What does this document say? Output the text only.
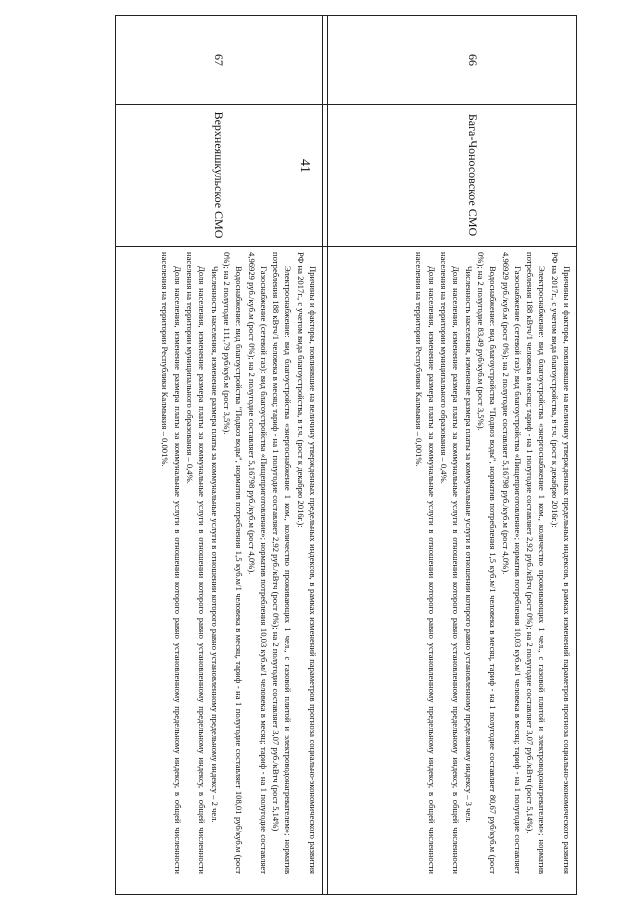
41
66
Бага-Чоносовское СМО

Причины и факторы, повлиявшие на величину утвержденных предельных индексов, в рамках изменений параметров прогноза социально-экономического развития РФ на 2017г., с учетом вида благоустройства, в т.ч. (рост к декабрю 2016г.):

Электроснабжение: вид благоустройства «энергоснабжение 1 ком., количество проживающих 1 чел., с газовой плитой и электроводонагревателем»; норматив потребления 188 кВтч/1 человека в месяц; тариф - на 1 полугодие составляет 2,92 руб./кВтч (рост 0%); на 2 полугодие составляет 3,07 руб./кВтч (рост 5,14%).

Газоснабжение (сетевой газ): вид благоустройства «Пищеприготовление»; норматив потребления 10,03 куб.м/1 человека в месяц; тариф - на 1 полугодие составляет 4,96929 руб./куб.м (рост 0%); на 2 полугодие составляет 5,16798 руб./куб.м (рост 4,0%).

Водоснабжение: вид благоустройства "Подвоз воды", норматив потребления 1,5 куб.м/1 человека в месяц, тариф - на 1 полугодие составляет 80,67 руб/куб.м (рост 0%); на 2 полугодие 83,49 руб/куб.м (рост 3,5%).

Численность населения, изменение размера платы за коммунальные услуги в отношении которого равно установленному предельному индексу – 3 чел.

Доля населения, изменение размера платы за коммунальные услуги в отношении которого равно установленному предельному индексу, в общей численности населения на территории муниципального образования – 0,4%.

Доля населения, изменение размера платы за коммунальные услуги в отношении которого равно установленному предельному индексу, в общей численности населения на территории Республики Калмыкия – 0,001%.

67
Верхнеяшкульское СМО

Причины и факторы, повлиявшие на величину утвержденных предельных индексов, в рамках изменений параметров прогноза социально-экономического развития РФ на 2017г., с учетом вида благоустройства, в т.ч. (рост к декабрю 2016г.):

Электроснабжение: вид благоустройства «энергоснабжение 1 ком., количество проживающих 1 чел., с газовой плитой и электроводонагревателем»; норматив потребления 188 кВтч/1 человека в месяц; тариф - на 1 полугодие составляет 2,92 руб./кВтч (рост 0%); на 2 полугодие составляет 3,07 руб./кВтч (рост 5,14%)

Газоснабжение (сетевой газ): вид благоустройства «Пищеприготовление»; норматив потребления 10,03 куб.м/1 человека в месяц; тариф - на 1 полугодие составляет 4,96929 руб./куб.м (рост 0%); на 2 полугодие составляет 5,16798 руб./куб.м (рост 4,0%).

Водоснабжение: вид благоустройства "Подвоз воды", норматив потребления 1,5 куб.м/1 человека в месяц, тариф - на 1 полугодие составляет 108,01 руб/куб.м (рост 0%); на 2 полугодие 111,79 руб/куб.м (рост 3,5%).

Численность населения, изменение размера платы за коммунальные услуги в отношении которого равно установленному предельному индексу – 2 чел.

Доля населения, изменение размера платы за коммунальные услуги в отношении которого равно установленному предельному индексу, в общей численности населения на территории муниципального образования – 0,4%.

Доля населения, изменение размера платы за коммунальные услуги в отношении которого равно установленному предельному индексу, в общей численности населения на территории Республики Калмыкия – 0,001%.
